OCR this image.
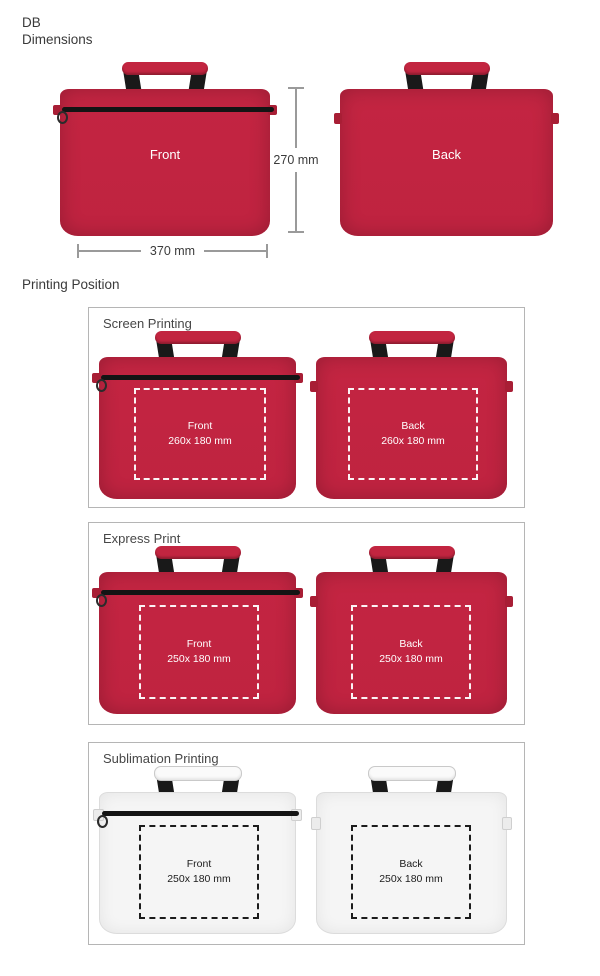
DB
Dimensions
Front	270 mm	Back
370 mm
Printing Position
Screen Printing
Front
260x 180 mm
Back
260x 180 mm
Express Print
Front
250x 180 mm
Back
250x 180 mm
Sublimation Printing
Front
250x 180 mm
Back
250x 180 mm
